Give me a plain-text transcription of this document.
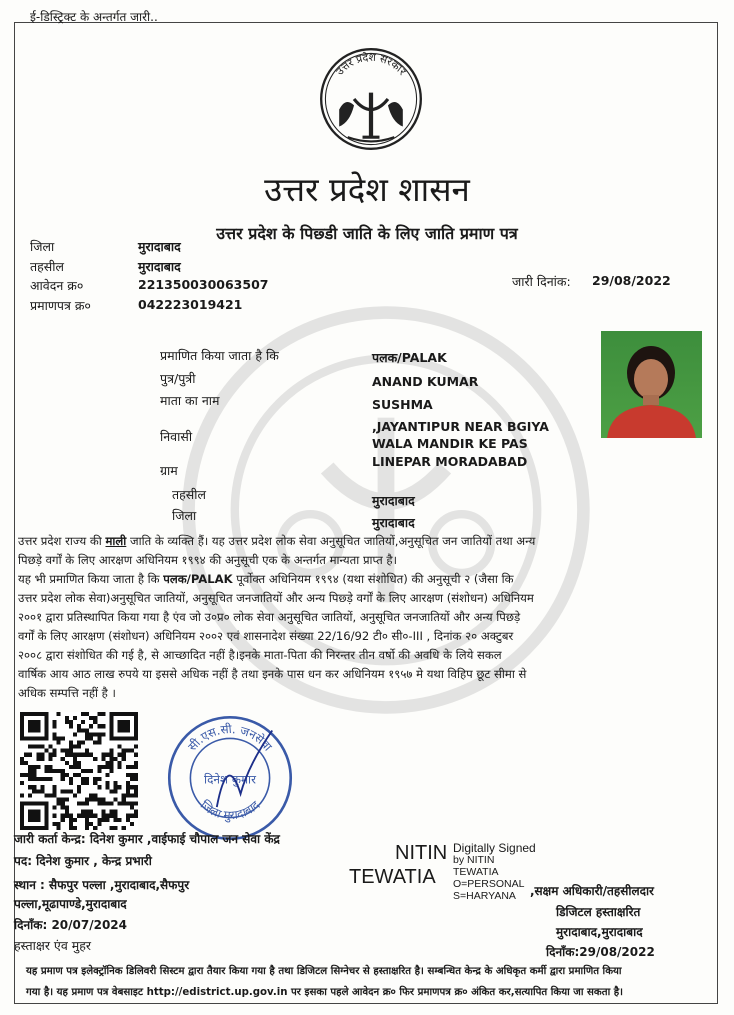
ई-डिस्ट्रिक्ट के अन्तर्गत जारी..
उत्तर प्रदेश सरकार
उत्तर प्रदेश शासन
उत्तर प्रदेश के पिछ्डी जाति के लिए जाति प्रमाण पत्र
जिला	मुरादाबाद
तहसील	मुरादाबाद
आवेदन क्र०	221350030063507
प्रमाणपत्र क्र०	042223019421
जारी दिनांक: 29/08/2022
प्रमाणित किया जाता है कि	पलक/PALAK
पुत्र/पुत्री	ANAND KUMAR
माता का नाम	SUSHMA
निवासी
,JAYANTIPUR NEAR BGIYA
WALA MANDIR KE PAS
LINEPAR MORADABAD
ग्राम
तहसील	मुरादाबाद
जिला	मुरादाबाद

उत्तर प्रदेश राज्य की माली जाति के व्यक्ति हैं। यह उत्तर प्रदेश लोक सेवा अनुसूचित जातियों,अनुसूचित जन जातियों तथा अन्य

पिछड़े वर्गों के लिए आरक्षण अधिनियम १९९४ की अनुसूची एक के अन्तर्गत मान्यता प्राप्त है।

यह भी प्रमाणित किया जाता है कि पलक/PALAK पूर्वोक्त अधिनियम १९९४ (यथा संशोधित) की अनुसूची २ (जैसा कि

उत्तर प्रदेश लोक सेवा)अनुसूचित जातियों, अनुसूचित जनजातियों और अन्य पिछ्ड़े वर्गों के लिए आरक्षण (संशोधन) अधिनियम

२००१ द्वारा प्रतिस्थापित किया गया है एंव जो उ०प्र० लोक सेवा अनुसूचित जातियों, अनुसूचित जनजातियों और अन्य पिछड़े

वर्गों के लिए आरक्षण (संशोधन) अधिनियम २००२ एवं शासनादेश संख्या 22/16/92 टी० सी०-III , दिनांक २० अक्टुबर

२००८ द्वारा संशोधित की गई है, से आच्छादित नहीं है।इनके माता-पिता की निरन्तर तीन वर्षो की अवधि के लिये सकल

वार्षिक आय आठ लाख रुपये या इससे अधिक नहीं है तथा इनके पास धन कर अधिनियम १९५७ मे यथा विहिप छूट सीमा से

अधिक सम्पत्ति नहीं है ।

सी.एस.सी. जनसेवा
जिला मुरादाबाद
दिनेश कुमार
जारी कर्ता केन्द्र: दिनेश कुमार ,वाईफाई चौपाल जन सेवा केंद्र
पद: दिनेश कुमार , केन्द्र प्रभारी
स्थान : सैफपुर पल्ला ,मुरादाबाद,सैफपुर
पल्ला,मूढापाण्डे,मुरादाबाद
दिनाँक: 20/07/2024
हस्ताक्षर एंव मुहर
NITIN
TEWATIA
Digitally Signed
by NITIN
TEWATIA
O=PERSONAL
S=HARYANA	,सक्षम अधिकारी/तहसीलदार
डिजिटल हस्ताक्षरित
मुरादाबाद,मुरादाबाद
दिनाँक:29/08/2022
यह प्रमाण पत्र इलेक्ट्रॉनिक डिलिवरी सिस्टम द्वारा तैयार किया गया है तथा डिजिटल सिग्नेचर से हस्ताक्षरित है। सम्बन्धित केन्द्र के अधिकृत कर्मी द्वारा प्रमाणित किया
गया है। यह प्रमाण पत्र वेबसाइट http://edistrict.up.gov.in पर इसका पहले आवेदन क्र० फिर प्रमाणपत्र क्र० अंकित कर,सत्यापित किया जा सकता है।
